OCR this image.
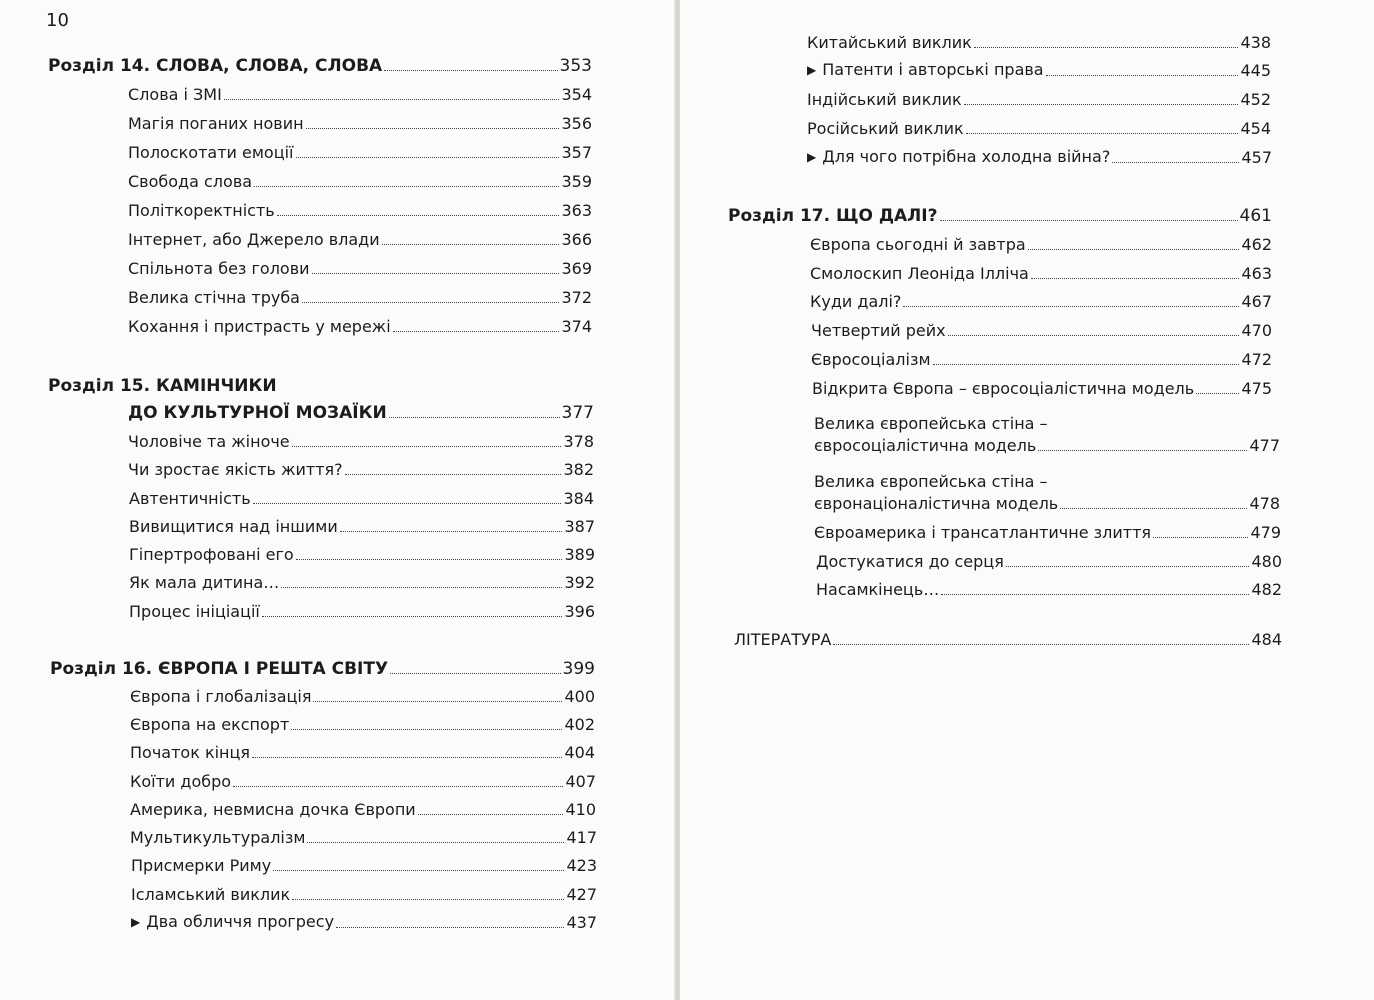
10
Розділ 14. СЛОВА, СЛОВА, СЛОВА	353
Слова і ЗМІ	354
Магія поганих новин	356
Полоскотати емоції	357
Свобода слова	359
Політкоректність	363
Інтернет, або Джерело влади	366
Спільнота без голови	369
Велика стічна труба	372
Кохання і пристрасть у мережі	374
Розділ 15. КАМІНЧИКИ
ДО КУЛЬТУРНОЇ МОЗАЇКИ	377
Чоловіче та жіноче	378
Чи зростає якість життя?	382
Автентичність	384
Вивищитися над іншими	387
Гіпертрофовані его	389
Як мала дитина…	392
Процес ініціації	396
Розділ 16. ЄВРОПА І РЕШТА СВІТУ	399
Європа і глобалізація	400
Європа на експорт	402
Початок кінця	404
Коїти добро	407
Америка, невмисна дочка Європи	410
Мультикультуралізм	417
Присмерки Риму	423
Ісламський виклик	427
▶ Два обличчя прогресу	437
Китайський виклик	438
▶ Патенти і авторські права	445
Індійський виклик	452
Російський виклик	454
▶ Для чого потрібна холодна війна?	457
Розділ 17. ЩО ДАЛІ?	461
Європа сьогодні й завтра	462
Смолоскип Леоніда Ілліча	463
Куди далі?	467
Четвертий рейх	470
Євросоціалізм	472
Відкрита Європа – євросоціалістична модель	475
Велика європейська стіна –
євросоціалістична модель	477
Велика європейська стіна –
євронаціоналістична модель	478
Євроамерика і трансатлантичне злиття	479
Достукатися до серця	480
Насамкінець…	482
ЛІТЕРАТУРА	484
